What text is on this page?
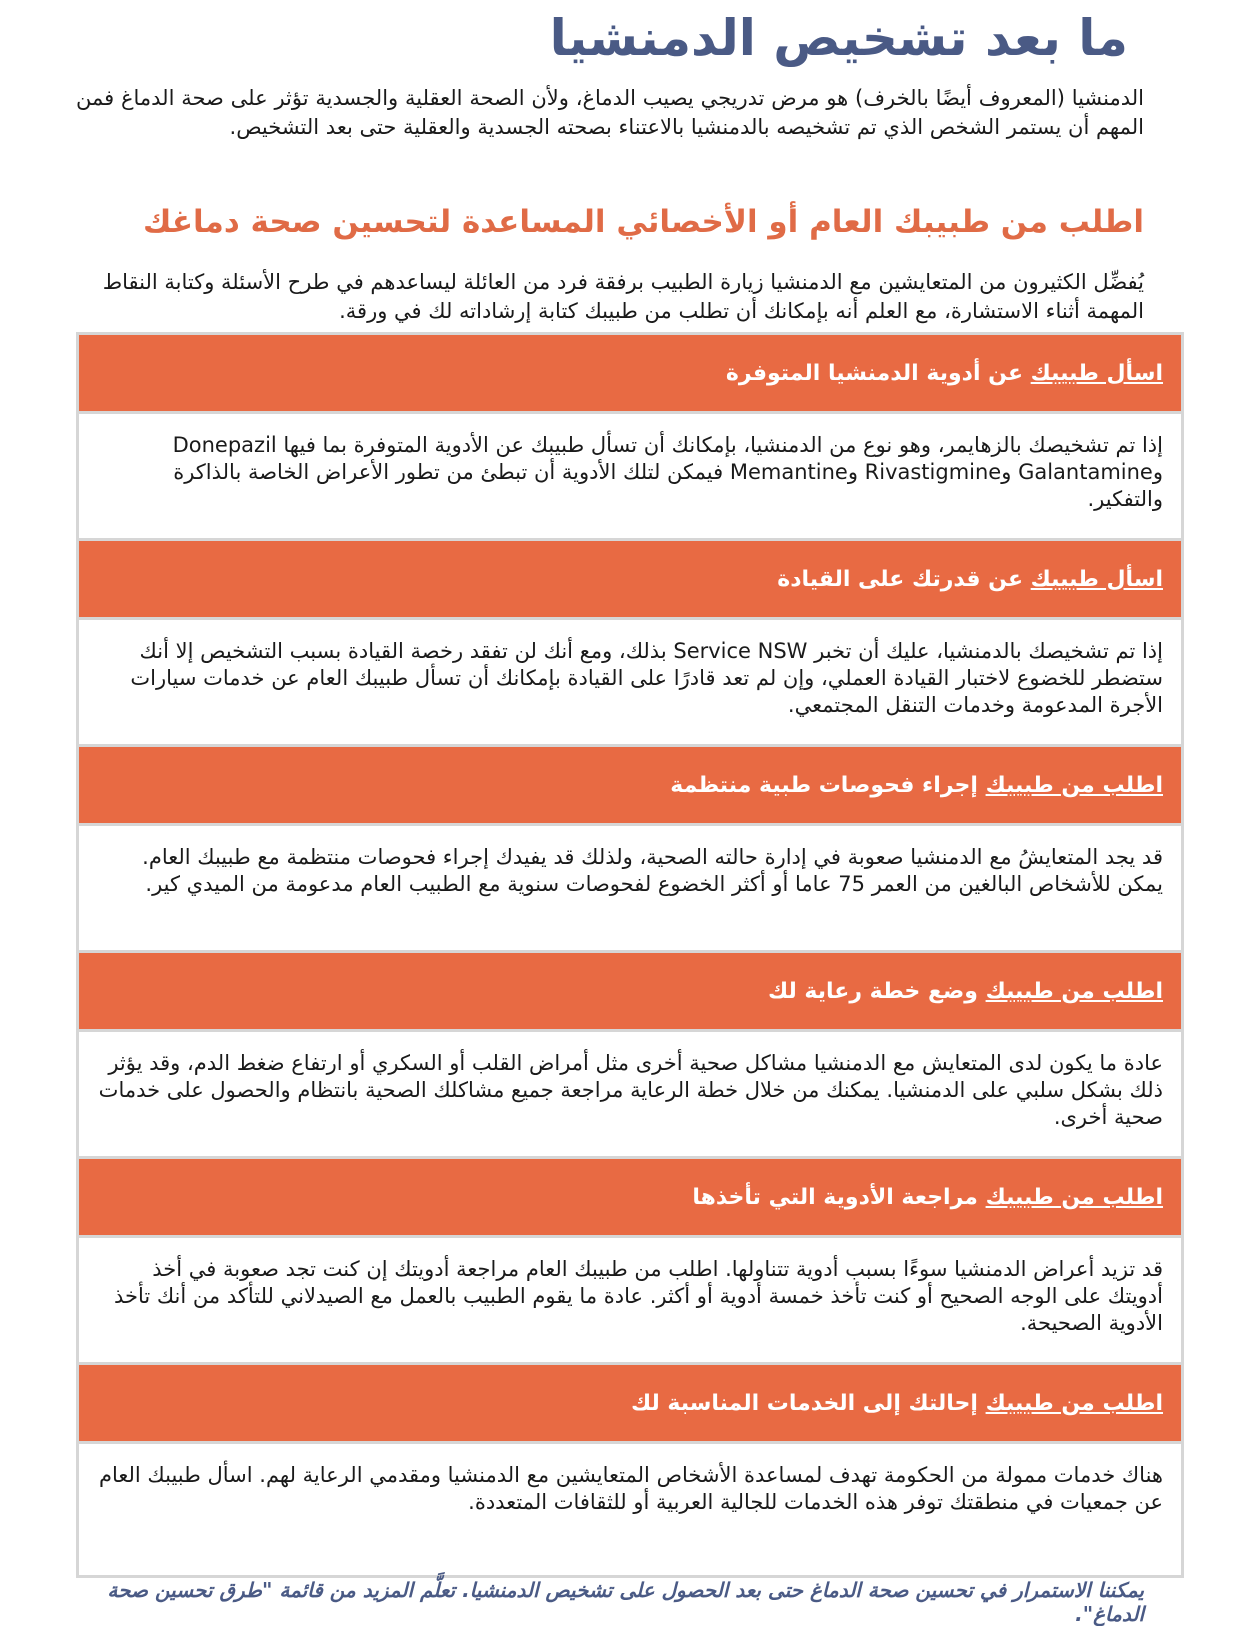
ما بعد تشخيص الدمنشيا

الدمنشيا (المعروف أيضًا بالخرف) هو مرض تدريجي يصيب الدماغ، ولأن الصحة العقلية والجسدية تؤثر على صحة الدماغ فمن المهم أن يستمر الشخص الذي تم تشخيصه بالدمنشيا بالاعتناء بصحته الجسدية والعقلية حتى بعد التشخيص.

اطلب من طبيبك العام أو الأخصائي المساعدة لتحسين صحة دماغك

يُفضِّل الكثيرون من المتعايشين مع الدمنشيا زيارة الطبيب برفقة فرد من العائلة ليساعدهم في طرح الأسئلة وكتابة النقاط المهمة أثناء الاستشارة، مع العلم أنه بإمكانك أن تطلب من طبيبك كتابة إرشاداته لك في ورقة.

اسأل طبيبك

عن أدوية الدمنشيا المتوفرة
إذا تم تشخيصك بالزهايمر، وهو نوع من الدمنشيا، بإمكانك أن تسأل طبيبك عن الأدوية المتوفرة بما فيها Donepazil وGalantamine وRivastigmine وMemantine فيمكن لتلك الأدوية أن تبطئ من تطور الأعراض الخاصة بالذاكرة والتفكير.
اسأل طبيبك

عن قدرتك على القيادة
إذا تم تشخيصك بالدمنشيا، عليك أن تخبر Service NSW بذلك، ومع أنك لن تفقد رخصة القيادة بسبب التشخيص إلا أنك ستضطر للخضوع لاختبار القيادة العملي، وإن لم تعد قادرًا على القيادة بإمكانك أن تسأل طبيبك العام عن خدمات سيارات الأجرة المدعومة وخدمات التنقل المجتمعي.
اطلب من طبيبك

إجراء فحوصات طبية منتظمة
قد يجد المتعايشُ مع الدمنشيا صعوبة في إدارة حالته الصحية، ولذلك قد يفيدك إجراء فحوصات منتظمة مع طبيبك العام. يمكن للأشخاص البالغين من العمر 75 عاما أو أكثر الخضوع لفحوصات سنوية مع الطبيب العام مدعومة من الميدي كير.
اطلب من طبيبك

وضع خطة رعاية لك
عادة ما يكون لدى المتعايش مع الدمنشيا مشاكل صحية أخرى مثل أمراض القلب أو السكري أو ارتفاع ضغط الدم، وقد يؤثر ذلك بشكل سلبي على الدمنشيا. يمكنك من خلال خطة الرعاية مراجعة جميع مشاكلك الصحية بانتظام والحصول على خدمات صحية أخرى.
اطلب من طبيبك

مراجعة الأدوية التي تأخذها
قد تزيد أعراض الدمنشيا سوءًا بسبب أدوية تتناولها. اطلب من طبيبك العام مراجعة أدويتك إن كنت تجد صعوبة في أخذ أدويتك على الوجه الصحيح أو كنت تأخذ خمسة أدوية أو أكثر. عادة ما يقوم الطبيب بالعمل مع الصيدلاني للتأكد من أنك تأخذ الأدوية الصحيحة.
اطلب من طبيبك

إحالتك إلى الخدمات المناسبة لك
هناك خدمات ممولة من الحكومة تهدف لمساعدة الأشخاص المتعايشين مع الدمنشيا ومقدمي الرعاية لهم. اسأل طبيبك العام عن جمعيات في منطقتك توفر هذه الخدمات للجالية العربية أو للثقافات المتعددة.

يمكننا الاستمرار في تحسين صحة الدماغ حتى بعد الحصول على تشخيص الدمنشيا. تعلَّم المزيد من قائمة "طرق تحسين صحة الدماغ".
